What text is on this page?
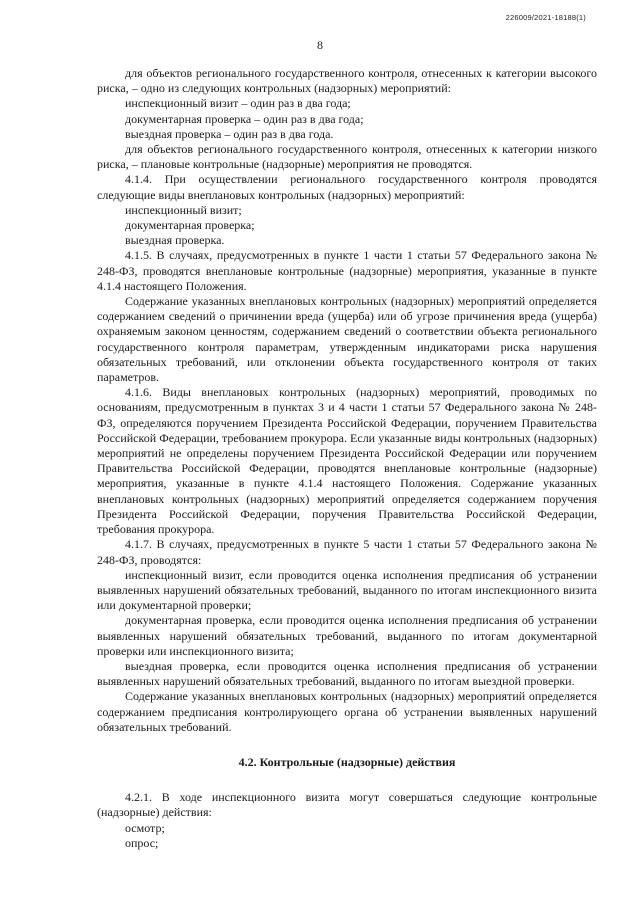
226009/2021-18188(1)
8

для объектов регионального государственного контроля, отнесенных к категории высокого риска, – одно из следующих контрольных (надзорных) мероприятий:

инспекционный визит – один раз в два года;

документарная проверка – один раз в два года;

выездная проверка – один раз в два года.

для объектов регионального государственного контроля, отнесенных к категории низкого риска, – плановые контрольные (надзорные) мероприятия не проводятся.

4.1.4. При осуществлении регионального государственного контроля проводятся следующие виды внеплановых контрольных (надзорных) мероприятий:

инспекционный визит;

документарная проверка;

выездная проверка.

4.1.5. В случаях, предусмотренных в пункте 1 части 1 статьи 57 Федерального закона № 248-ФЗ, проводятся внеплановые контрольные (надзорные) мероприятия, указанные в пункте 4.1.4 настоящего Положения.

Содержание указанных внеплановых контрольных (надзорных) мероприятий определяется содержанием сведений о причинении вреда (ущерба) или об угрозе причинения вреда (ущерба) охраняемым законом ценностям, содержанием сведений о соответствии объекта регионального государственного контроля параметрам, утвержденным индикаторами риска нарушения обязательных требований, или отклонении объекта государственного контроля от таких параметров.

4.1.6. Виды внеплановых контрольных (надзорных) мероприятий, проводимых по основаниям, предусмотренным в пунктах 3 и 4 части 1 статьи 57 Федерального закона № 248-ФЗ, определяются поручением Президента Российской Федерации, поручением Правительства Российской Федерации, требованием прокурора. Если указанные виды контрольных (надзорных) мероприятий не определены поручением Президента Российской Федерации или поручением Правительства Российской Федерации, проводятся внеплановые контрольные (надзорные) мероприятия, указанные в пункте 4.1.4 настоящего Положения. Содержание указанных внеплановых контрольных (надзорных) мероприятий определяется содержанием поручения Президента Российской Федерации, поручения Правительства Российской Федерации, требования прокурора.

4.1.7. В случаях, предусмотренных в пункте 5 части 1 статьи 57 Федерального закона № 248-ФЗ, проводятся:

инспекционный визит, если проводится оценка исполнения предписания об устранении выявленных нарушений обязательных требований, выданного по итогам инспекционного визита или документарной проверки;

документарная проверка, если проводится оценка исполнения предписания об устранении выявленных нарушений обязательных требований, выданного по итогам документарной проверки или инспекционного визита;

выездная проверка, если проводится оценка исполнения предписания об устранении выявленных нарушений обязательных требований, выданного по итогам выездной проверки.

Содержание указанных внеплановых контрольных (надзорных) мероприятий определяется содержанием предписания контролирующего органа об устранении выявленных нарушений обязательных требований.

4.2. Контрольные (надзорные) действия

4.2.1. В ходе инспекционного визита могут совершаться следующие контрольные (надзорные) действия:

осмотр;

опрос;
